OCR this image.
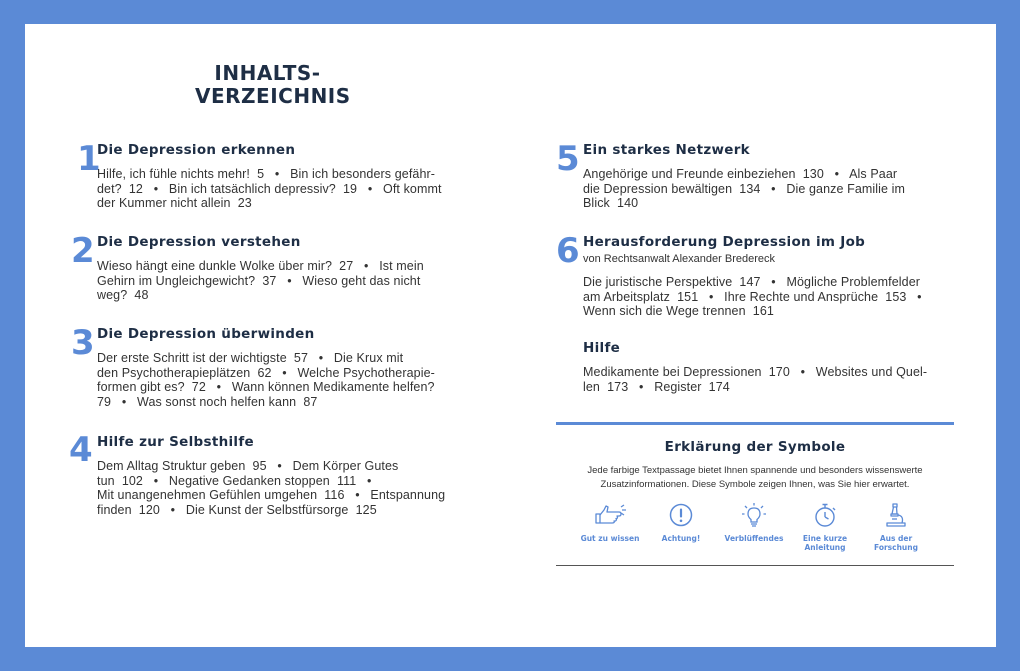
INHALTS-
VERZEICHNIS
1
Die Depression erkennen
Hilfe, ich fühle nichts mehr!  5   •   Bin ich besonders gefähr-
det?  12   •   Bin ich tatsächlich depressiv?  19   •   Oft kommt
der Kummer nicht allein  23
2 Die Depression verstehen
Wieso hängt eine dunkle Wolke über mir?  27   •   Ist mein
Gehirn im Ungleichgewicht?  37   •   Wieso geht das nicht
weg?  48
3 Die Depression überwinden
Der erste Schritt ist der wichtigste  57   •   Die Krux mit
den Psychotherapieplätzen  62   •   Welche Psychotherapie-
formen gibt es?  72   •   Wann können Medikamente helfen?
79   •   Was sonst noch helfen kann  87
4 Hilfe zur Selbsthilfe
Dem Alltag Struktur geben  95   •   Dem Körper Gutes
tun  102   •   Negative Gedanken stoppen  111   •
Mit unangenehmen Gefühlen umgehen  116   •   Entspannung
finden  120   •   Die Kunst der Selbstfürsorge  125
5 Ein starkes Netzwerk
Angehörige und Freunde einbeziehen  130   •   Als Paar
die Depression bewältigen  134   •   Die ganze Familie im
Blick  140
6 Herausforderung Depression im Job
von Rechtsanwalt Alexander Bredereck
Die juristische Perspektive  147   •   Mögliche Problemfelder
am Arbeitsplatz  151   •   Ihre Rechte und Ansprüche  153   •
Wenn sich die Wege trennen  161
Hilfe
Medikamente bei Depressionen  170   •   Websites und Quel-
len  173   •   Register  174
Erklärung der Symbole
Jede farbige Textpassage bietet Ihnen spannende und besonders wissenswerte
Zusatzinformationen. Diese Symbole zeigen Ihnen, was Sie hier erwartet.
Gut zu wissen	Achtung!	Verblüffendes	Eine kurze
Anleitung
Aus der
Forschung
